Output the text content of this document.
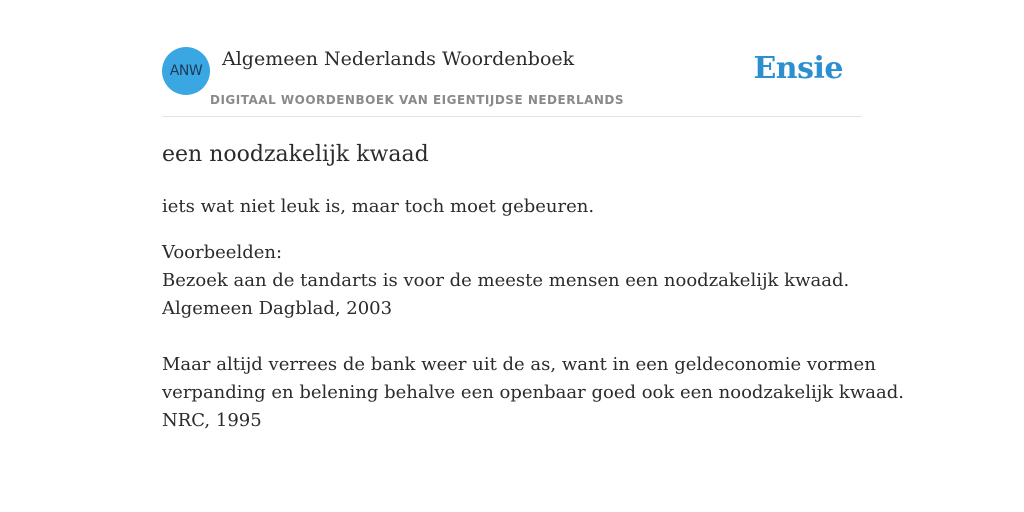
ANW
Algemeen Nederlands Woordenboek
DIGITAAL WOORDENBOEK VAN EIGENTIJDSE NEDERLANDS
Ensie
een noodzakelijk kwaad
iets wat niet leuk is, maar toch moet gebeuren.
Voorbeelden:
Bezoek aan de tandarts is voor de meeste mensen een noodzakelijk kwaad.
Algemeen Dagblad, 2003
Maar altijd verrees de bank weer uit de as, want in een geldeconomie vormen
verpanding en belening behalve een openbaar goed ook een noodzakelijk kwaad.
NRC, 1995
